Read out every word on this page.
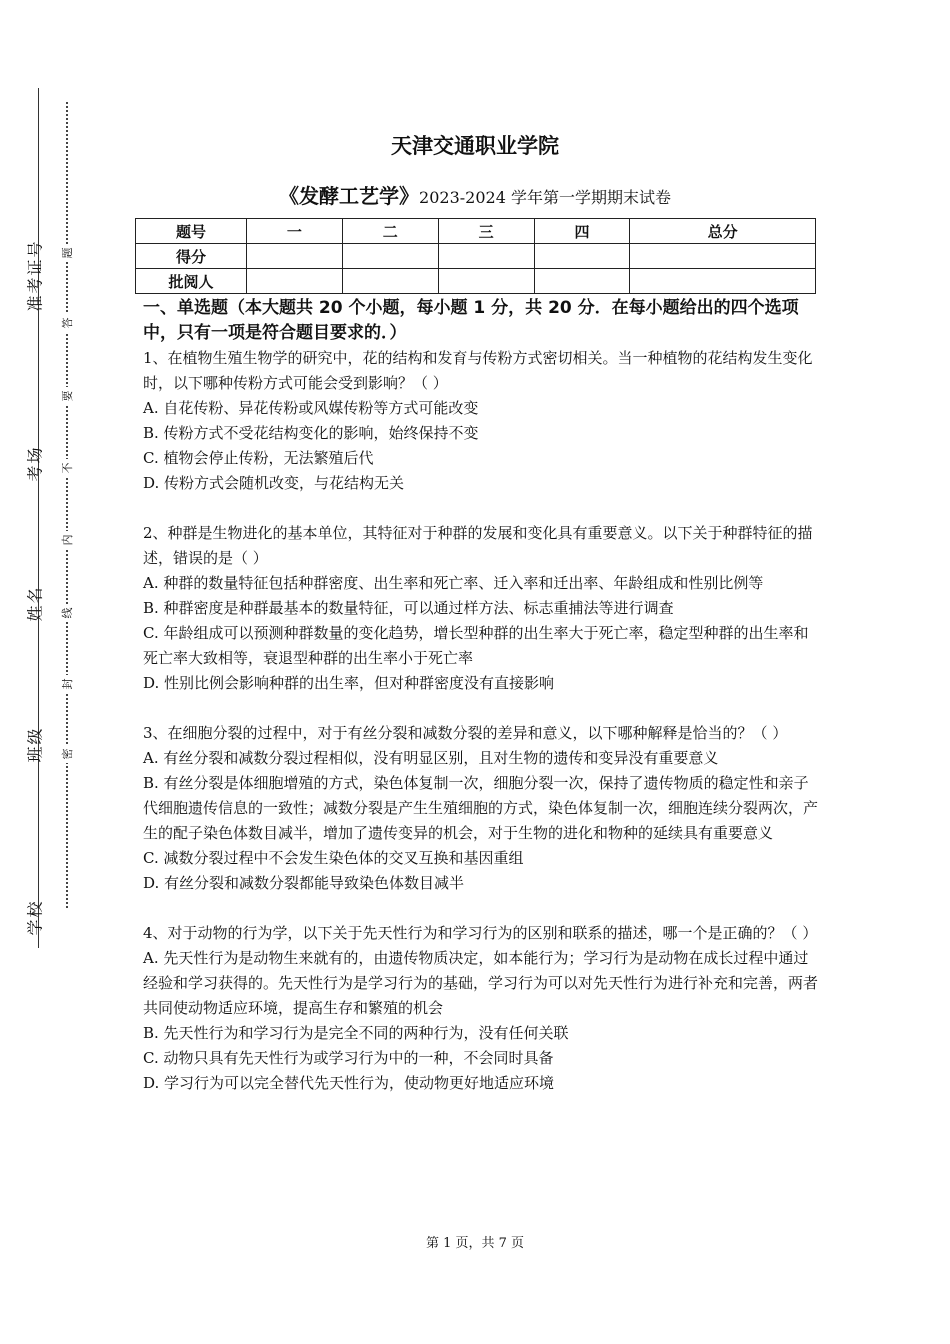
准考证号
考场
姓名
班级
学校
题
答
要
不
内
线
封
密
天津交通职业学院
《发酵工艺学》2023-2024 学年第一学期期末试卷
题号	一	二	三	四	总分
得分					
批阅人					
一、单选题（本大题共 20 个小题，每小题 1 分，共 20 分．在每小题给出的四个选项中，只有一项是符合题目要求的．）

1、在植物生殖生物学的研究中，花的结构和发育与传粉方式密切相关。当一种植物的花结构发生变化时，以下哪种传粉方式可能会受到影响？（ ）

A. 自花传粉、异花传粉或风媒传粉等方式可能改变

B. 传粉方式不受花结构变化的影响，始终保持不变

C. 植物会停止传粉，无法繁殖后代

D. 传粉方式会随机改变，与花结构无关

2、种群是生物进化的基本单位，其特征对于种群的发展和变化具有重要意义。以下关于种群特征的描述，错误的是（ ）

A. 种群的数量特征包括种群密度、出生率和死亡率、迁入率和迁出率、年龄组成和性别比例等

B. 种群密度是种群最基本的数量特征，可以通过样方法、标志重捕法等进行调查

C. 年龄组成可以预测种群数量的变化趋势，增长型种群的出生率大于死亡率，稳定型种群的出生率和死亡率大致相等，衰退型种群的出生率小于死亡率

D. 性别比例会影响种群的出生率，但对种群密度没有直接影响

3、在细胞分裂的过程中，对于有丝分裂和减数分裂的差异和意义，以下哪种解释是恰当的？（ ）

A. 有丝分裂和减数分裂过程相似，没有明显区别，且对生物的遗传和变异没有重要意义

B. 有丝分裂是体细胞增殖的方式，染色体复制一次，细胞分裂一次，保持了遗传物质的稳定性和亲子代细胞遗传信息的一致性；减数分裂是产生生殖细胞的方式，染色体复制一次，细胞连续分裂两次，产生的配子染色体数目减半，增加了遗传变异的机会，对于生物的进化和物种的延续具有重要意义

C. 减数分裂过程中不会发生染色体的交叉互换和基因重组

D. 有丝分裂和减数分裂都能导致染色体数目减半

4、对于动物的行为学，以下关于先天性行为和学习行为的区别和联系的描述，哪一个是正确的？（ ）

A. 先天性行为是动物生来就有的，由遗传物质决定，如本能行为；学习行为是动物在成长过程中通过经验和学习获得的。先天性行为是学习行为的基础，学习行为可以对先天性行为进行补充和完善，两者共同使动物适应环境，提高生存和繁殖的机会

B. 先天性行为和学习行为是完全不同的两种行为，没有任何关联

C. 动物只具有先天性行为或学习行为中的一种，不会同时具备

D. 学习行为可以完全替代先天性行为，使动物更好地适应环境

第 1 页，共 7 页
